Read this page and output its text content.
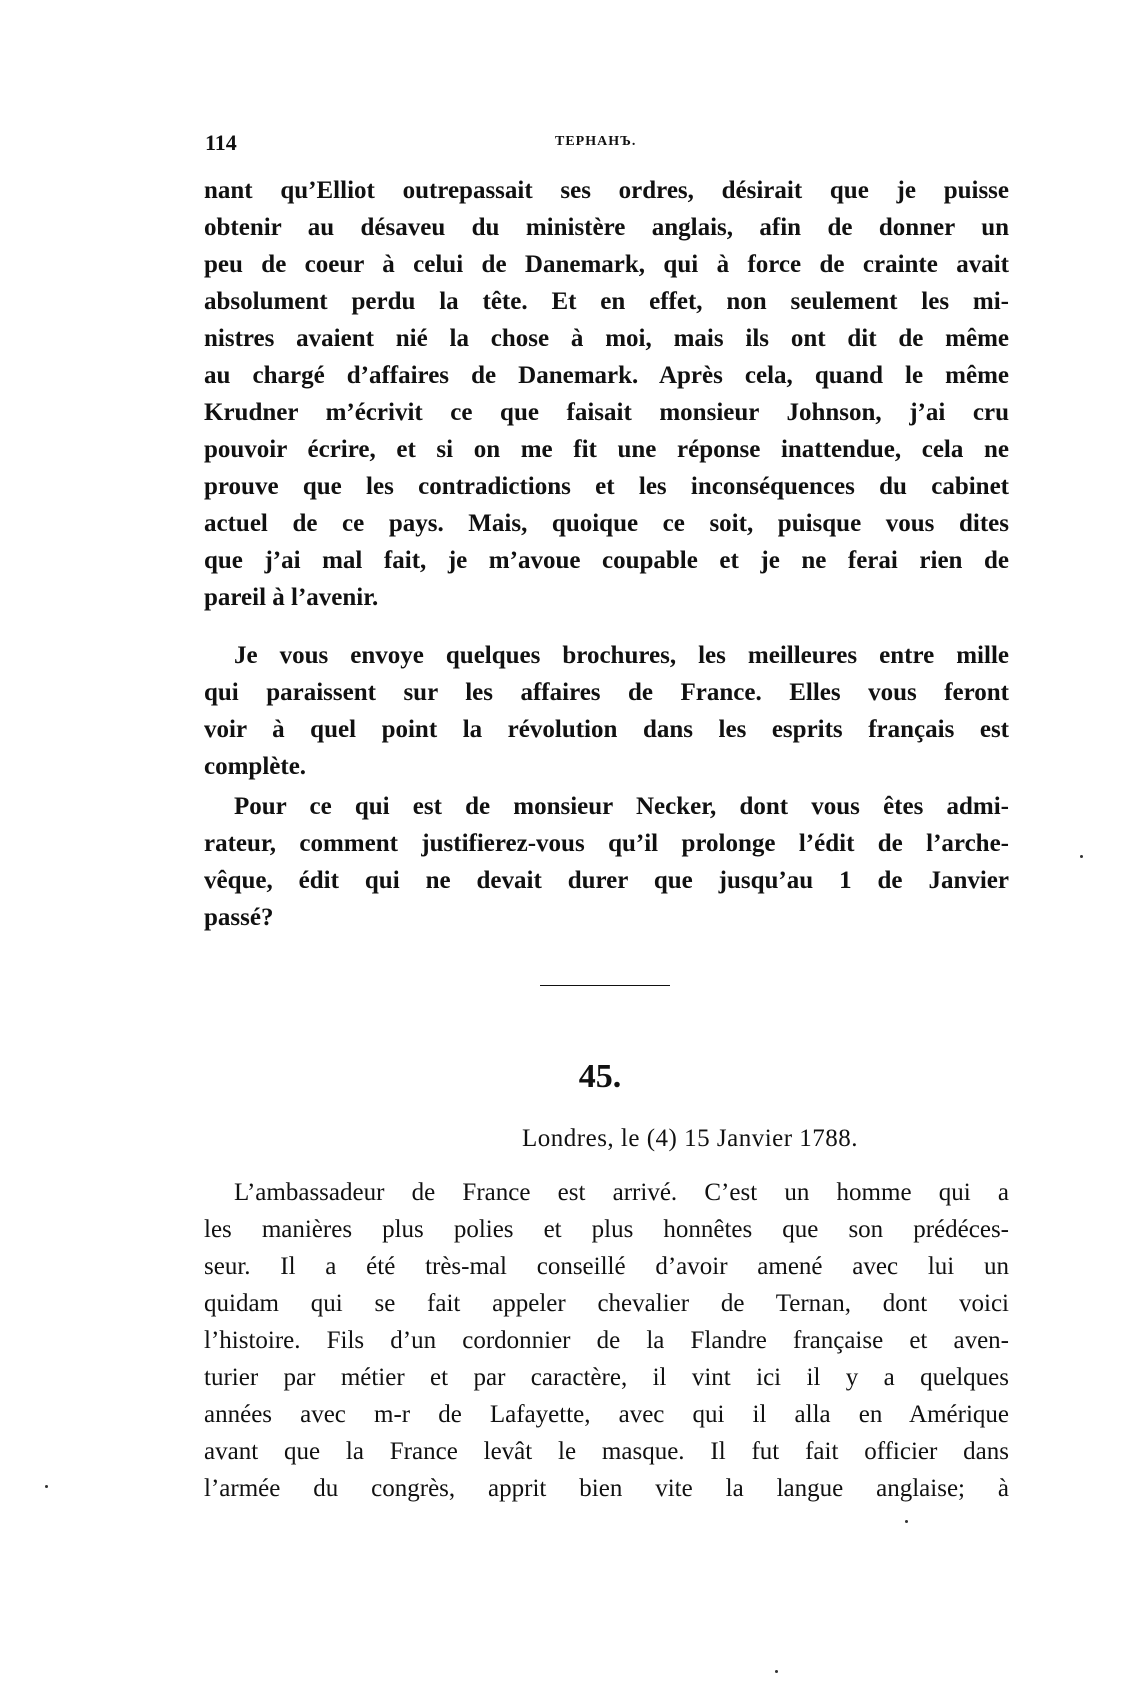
114	ТЕРНАНЪ.
nant qu’Elliot outrepassait ses ordres, désirait que je puisse
obtenir au désaveu du ministère anglais, afin de donner un
peu de coeur à celui de Danemark, qui à force de crainte avait
absolument perdu la tête. Et en effet, non seulement les mi-
nistres avaient nié la chose à moi, mais ils ont dit de même
au chargé d’affaires de Danemark. Après cela, quand le même
Krudner m’écrivit ce que faisait monsieur Johnson, j’ai cru
pouvoir écrire, et si on me fit une réponse inattendue, cela ne
prouve que les contradictions et les inconséquences du cabinet
actuel de ce pays. Mais, quoique ce soit, puisque vous dites
que j’ai mal fait, je m’avoue coupable et je ne ferai rien de
pareil à l’avenir.
Je vous envoye quelques brochures, les meilleures entre mille
qui paraissent sur les affaires de France. Elles vous feront
voir à quel point la révolution dans les esprits français est
complète.
Pour ce qui est de monsieur Necker, dont vous êtes admi-
rateur, comment justifierez-vous qu’il prolonge l’édit de l’arche-
vêque, édit qui ne devait durer que jusqu’au 1 de Janvier
passé?
45.
Londres, le (4) 15 Janvier 1788.
L’ambassadeur de France est arrivé. C’est un homme qui a
les manières plus polies et plus honnêtes que son prédéces-
seur. Il a été très-mal conseillé d’avoir amené avec lui un
quidam qui se fait appeler chevalier de Ternan, dont voici
l’histoire. Fils d’un cordonnier de la Flandre française et aven-
turier par métier et par caractère, il vint ici il y a quelques
années avec m-r de Lafayette, avec qui il alla en Amérique
avant que la France levât le masque. Il fut fait officier dans
l’armée du congrès, apprit bien vite la langue anglaise; à
